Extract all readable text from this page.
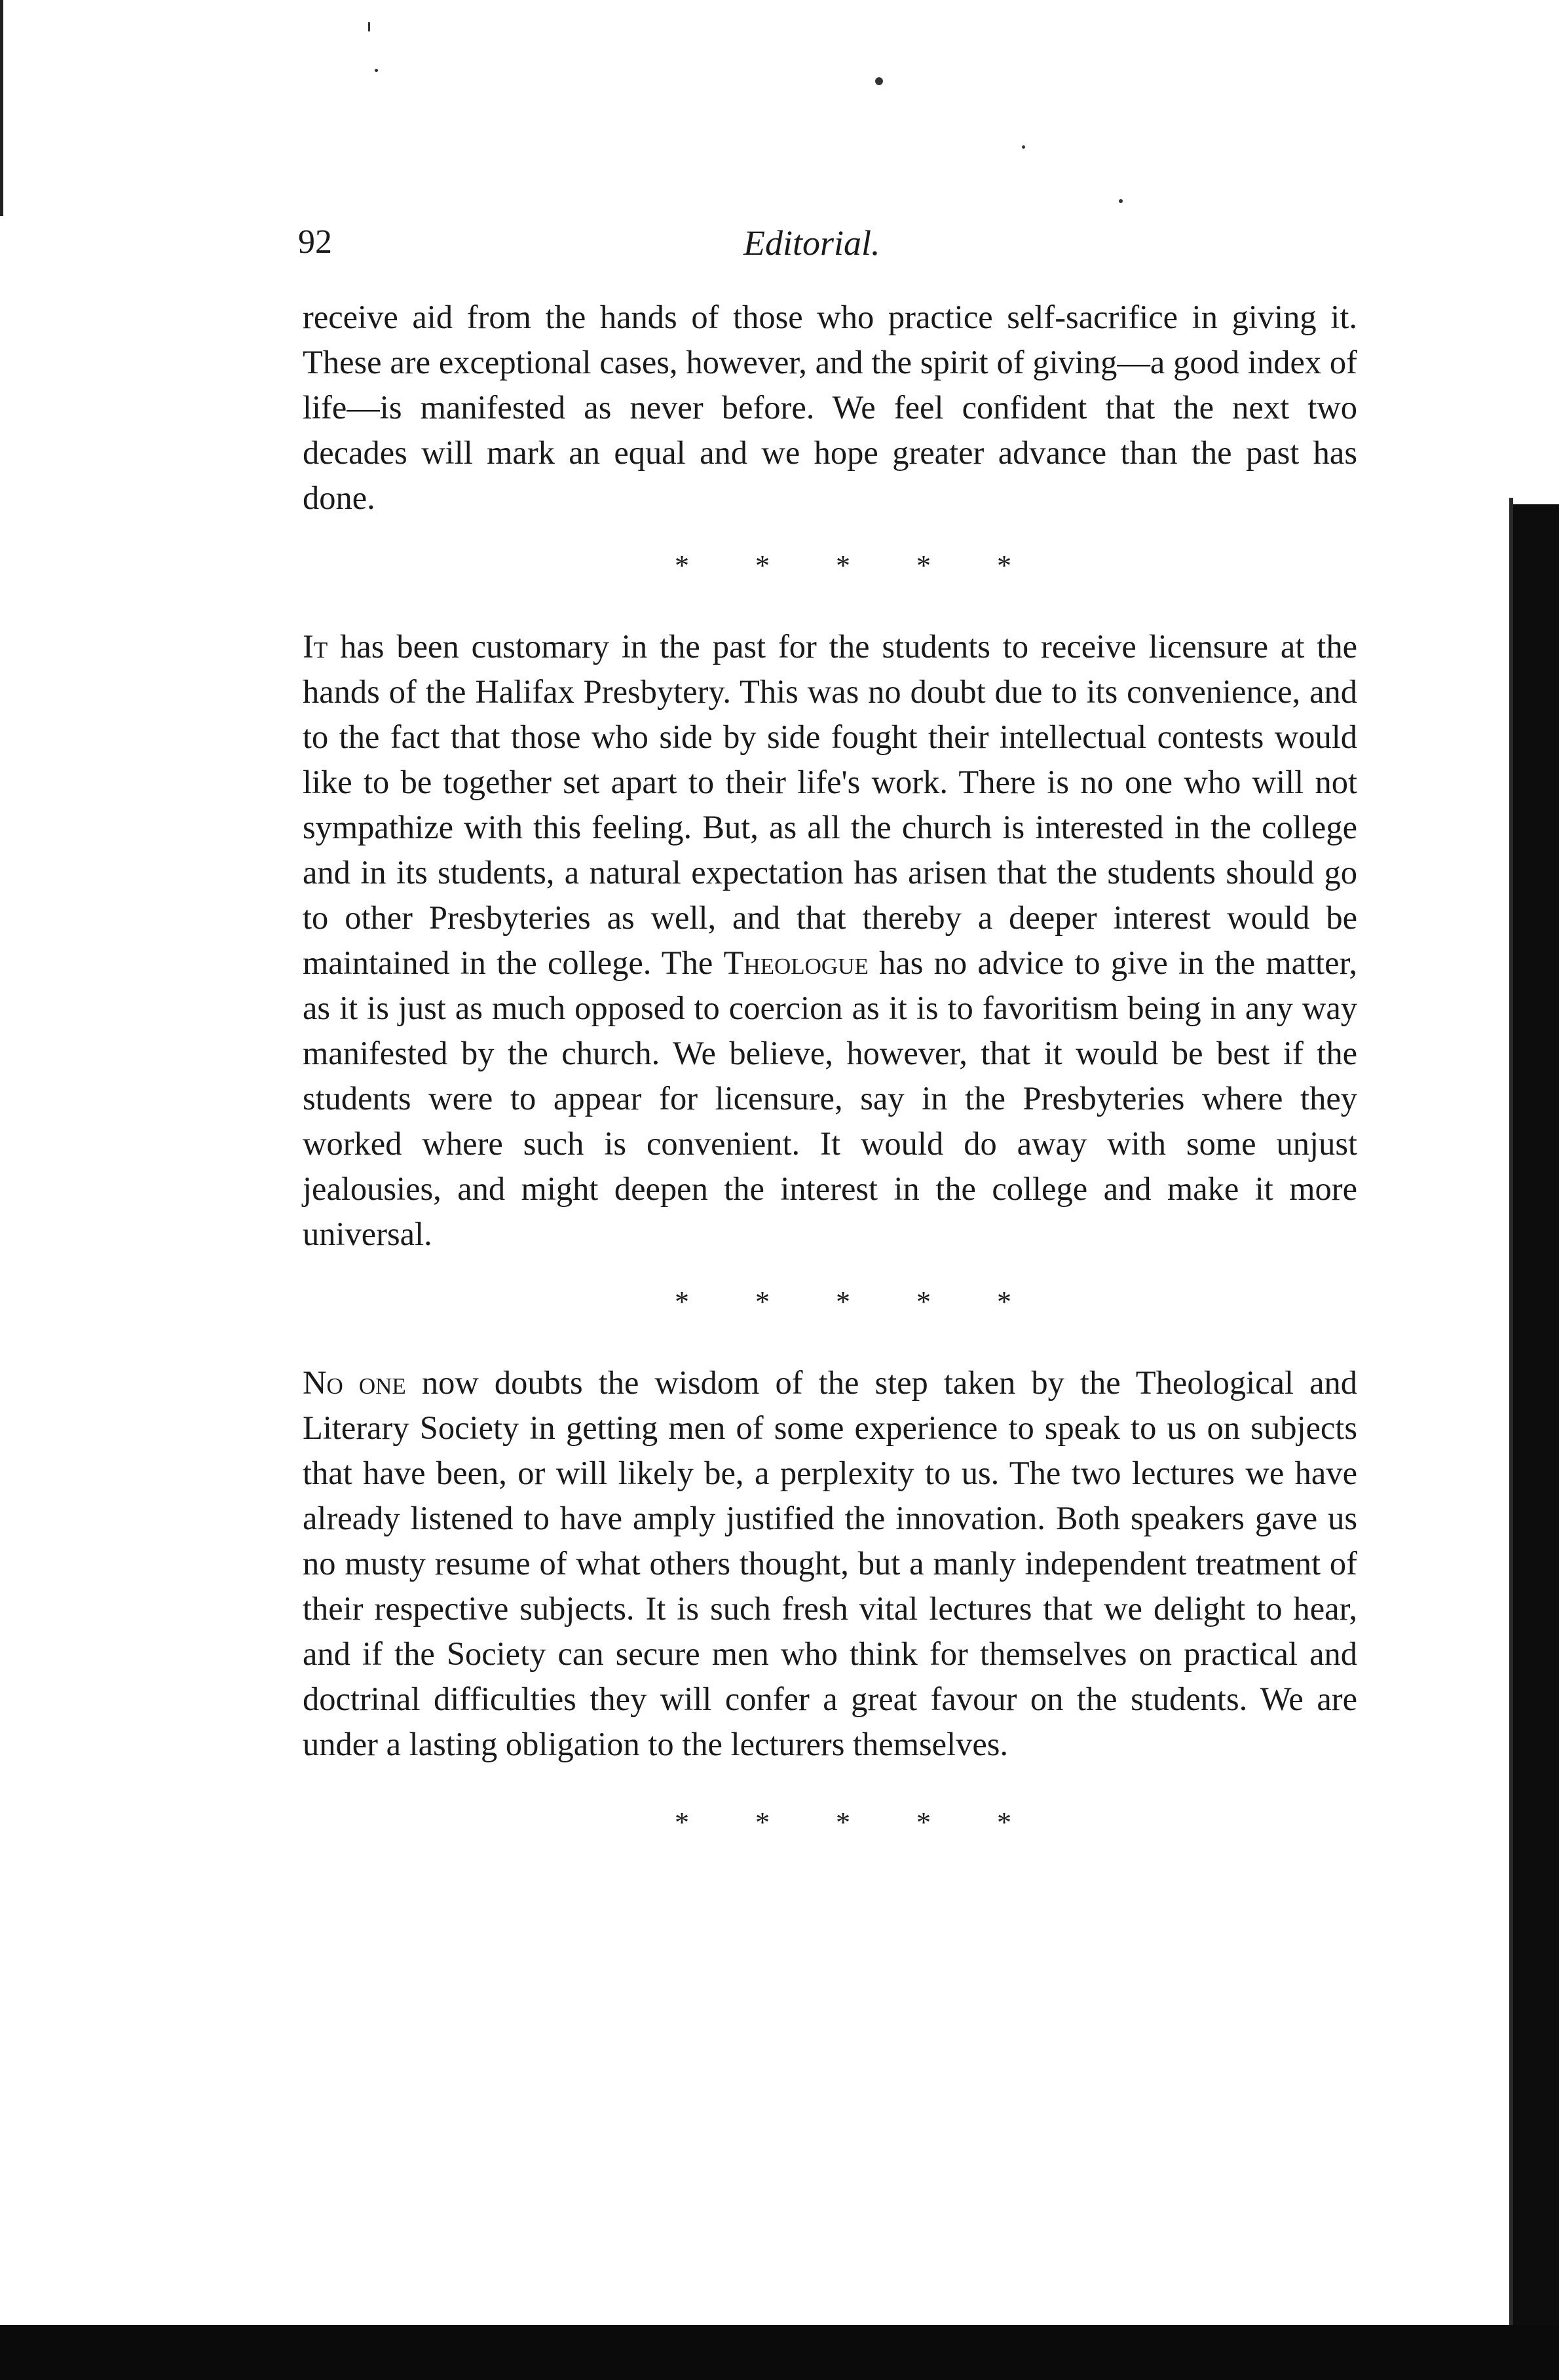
92	Editorial.

receive aid from the hands of those who practice self-sacrifice in giving it. These are exceptional cases, however, and the spirit of giving—a good index of life—is manifested as never before. We feel confident that the next two decades will mark an equal and we hope greater advance than the past has done.

* * * * *

It has been customary in the past for the students to receive licensure at the hands of the Halifax Presbytery. This was no doubt due to its convenience, and to the fact that those who side by side fought their intellectual contests would like to be together set apart to their life's work. There is no one who will not sympathize with this feeling. But, as all the church is interested in the college and in its students, a natural expectation has arisen that the students should go to other Presbyteries as well, and that thereby a deeper interest would be maintained in the college. The Theologue has no advice to give in the matter, as it is just as much opposed to coercion as it is to favoritism being in any way manifested by the church. We believe, however, that it would be best if the students were to appear for licensure, say in the Presbyteries where they worked where such is convenient. It would do away with some unjust jealousies, and might deepen the interest in the college and make it more universal.

* * * * *

No one now doubts the wisdom of the step taken by the Theological and Literary Society in getting men of some experience to speak to us on subjects that have been, or will likely be, a perplexity to us. The two lectures we have already listened to have amply justified the innovation. Both speakers gave us no musty resume of what others thought, but a manly independent treatment of their respective subjects. It is such fresh vital lectures that we delight to hear, and if the Society can secure men who think for themselves on practical and doctrinal difficulties they will confer a great favour on the students. We are under a lasting obligation to the lecturers themselves.

* * * * *
